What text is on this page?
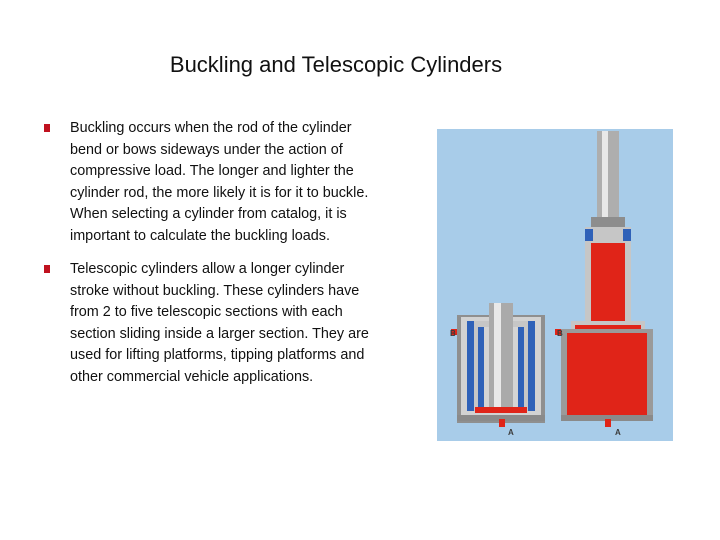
Buckling and Telescopic Cylinders
Buckling occurs when the rod of the cylinder bend or bows sideways under the action of compressive load. The longer and lighter the cylinder rod, the more likely it is for it to buckle. When selecting a cylinder from catalog, it is important to calculate the buckling loads.
Telescopic cylinders allow a longer cylinder stroke without buckling. These cylinders have from 2 to five telescopic sections with each section sliding inside a larger section. They are used for lifting platforms, tipping platforms and other commercial vehicle applications.
B
A
B
A
